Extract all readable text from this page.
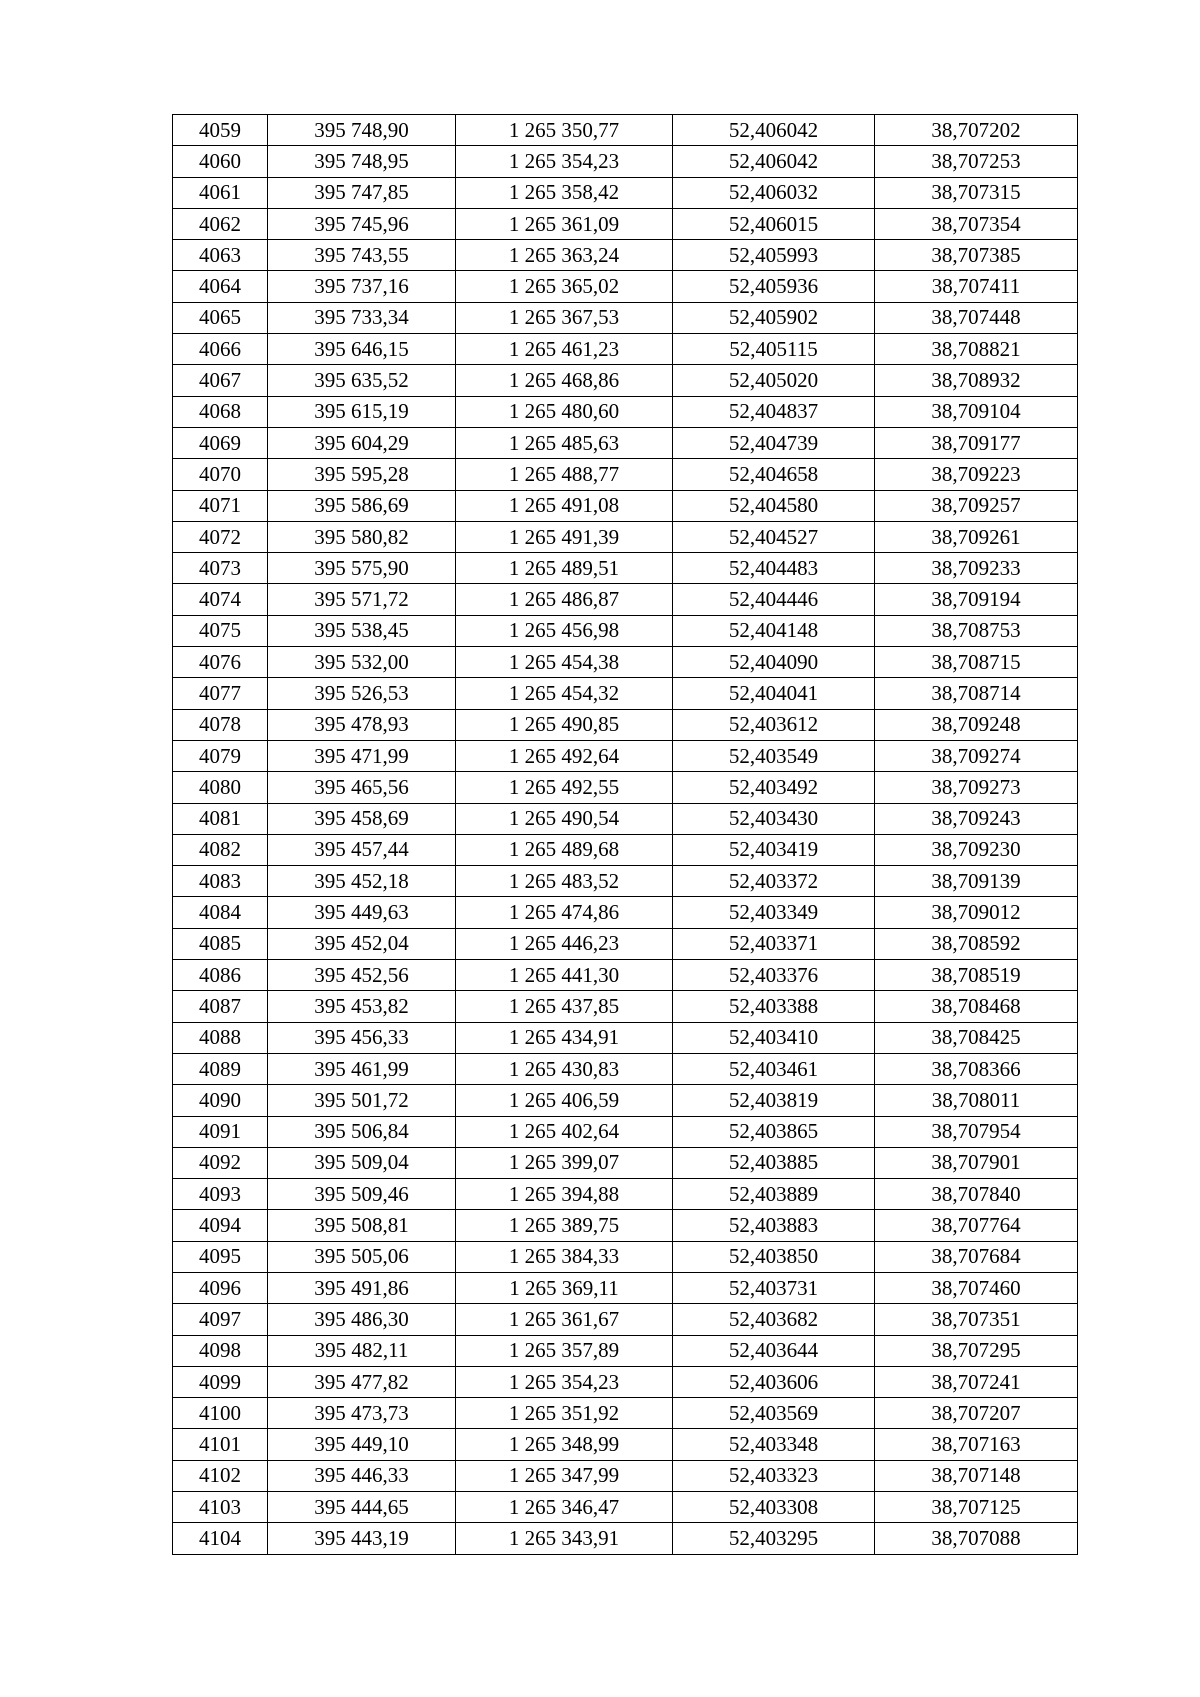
4059	395 748,90	1 265 350,77	52,406042	38,707202
4060	395 748,95	1 265 354,23	52,406042	38,707253
4061	395 747,85	1 265 358,42	52,406032	38,707315
4062	395 745,96	1 265 361,09	52,406015	38,707354
4063	395 743,55	1 265 363,24	52,405993	38,707385
4064	395 737,16	1 265 365,02	52,405936	38,707411
4065	395 733,34	1 265 367,53	52,405902	38,707448
4066	395 646,15	1 265 461,23	52,405115	38,708821
4067	395 635,52	1 265 468,86	52,405020	38,708932
4068	395 615,19	1 265 480,60	52,404837	38,709104
4069	395 604,29	1 265 485,63	52,404739	38,709177
4070	395 595,28	1 265 488,77	52,404658	38,709223
4071	395 586,69	1 265 491,08	52,404580	38,709257
4072	395 580,82	1 265 491,39	52,404527	38,709261
4073	395 575,90	1 265 489,51	52,404483	38,709233
4074	395 571,72	1 265 486,87	52,404446	38,709194
4075	395 538,45	1 265 456,98	52,404148	38,708753
4076	395 532,00	1 265 454,38	52,404090	38,708715
4077	395 526,53	1 265 454,32	52,404041	38,708714
4078	395 478,93	1 265 490,85	52,403612	38,709248
4079	395 471,99	1 265 492,64	52,403549	38,709274
4080	395 465,56	1 265 492,55	52,403492	38,709273
4081	395 458,69	1 265 490,54	52,403430	38,709243
4082	395 457,44	1 265 489,68	52,403419	38,709230
4083	395 452,18	1 265 483,52	52,403372	38,709139
4084	395 449,63	1 265 474,86	52,403349	38,709012
4085	395 452,04	1 265 446,23	52,403371	38,708592
4086	395 452,56	1 265 441,30	52,403376	38,708519
4087	395 453,82	1 265 437,85	52,403388	38,708468
4088	395 456,33	1 265 434,91	52,403410	38,708425
4089	395 461,99	1 265 430,83	52,403461	38,708366
4090	395 501,72	1 265 406,59	52,403819	38,708011
4091	395 506,84	1 265 402,64	52,403865	38,707954
4092	395 509,04	1 265 399,07	52,403885	38,707901
4093	395 509,46	1 265 394,88	52,403889	38,707840
4094	395 508,81	1 265 389,75	52,403883	38,707764
4095	395 505,06	1 265 384,33	52,403850	38,707684
4096	395 491,86	1 265 369,11	52,403731	38,707460
4097	395 486,30	1 265 361,67	52,403682	38,707351
4098	395 482,11	1 265 357,89	52,403644	38,707295
4099	395 477,82	1 265 354,23	52,403606	38,707241
4100	395 473,73	1 265 351,92	52,403569	38,707207
4101	395 449,10	1 265 348,99	52,403348	38,707163
4102	395 446,33	1 265 347,99	52,403323	38,707148
4103	395 444,65	1 265 346,47	52,403308	38,707125
4104	395 443,19	1 265 343,91	52,403295	38,707088
